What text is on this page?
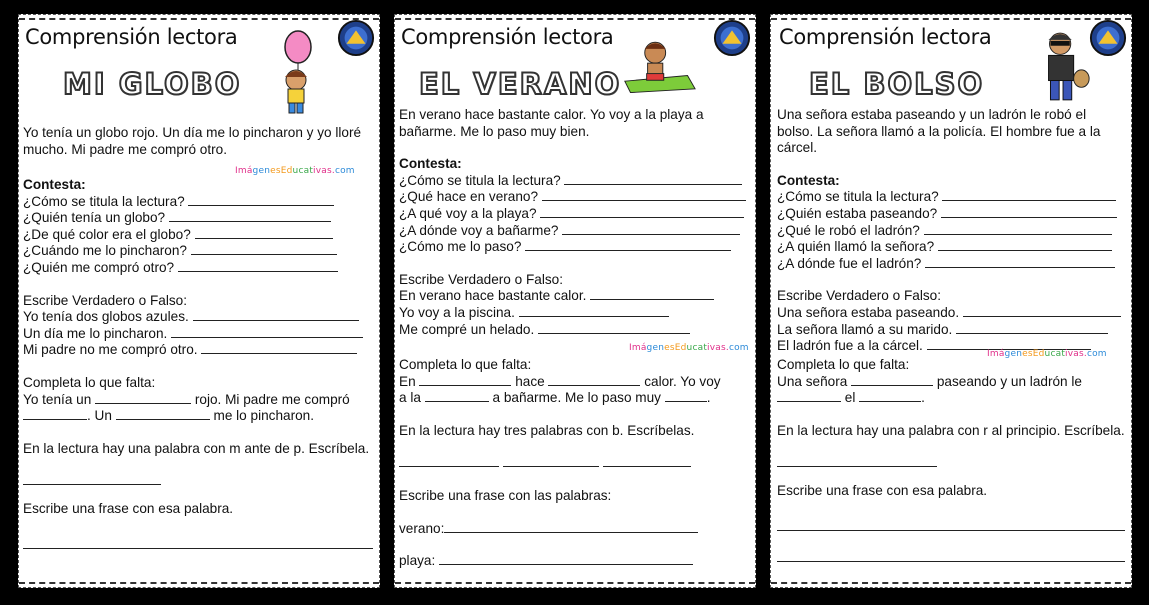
Comprensión lectora
MI GLOBO

Yo tenía un globo rojo. Un día me lo pincharon y yo lloré mucho. Mi padre me compró otro.

ImágenesEducativas.com

Contesta:

¿Cómo se titula la lectura?

¿Quién tenía un globo?

¿De qué color era el globo?

¿Cuándo me lo pincharon?

¿Quién me compró otro?

Escribe Verdadero o Falso:

Yo tenía dos globos azules.

Un día me lo pincharon.

Mi padre no me compró otro.

Completa lo que falta:

Yo tenía un	rojo. Mi padre me compró

. Un	me lo pincharon.

En la lectura hay una palabra con m ante de p. Escríbela.

Escribe una frase con esa palabra.

Comprensión lectora
EL VERANO

En verano hace bastante calor. Yo voy a la playa a bañarme. Me lo paso muy bien.

Contesta:

¿Cómo se titula la lectura?

¿Qué hace en verano?

¿A qué voy a la playa?

¿A dónde voy a bañarme?

¿Cómo me lo paso?

Escribe Verdadero o Falso:

En verano hace bastante calor.

Yo voy a la piscina.

Me compré un helado.

ImágenesEducativas.com

Completa lo que falta:

En	hace	calor. Yo voy

a la	a bañarme. Me lo paso muy	.

En la lectura hay tres palabras con b. Escríbelas.

Escribe una frase con las palabras:

verano:

playa:

Comprensión lectora
EL BOLSO

Una señora estaba paseando y un ladrón le robó el bolso. La señora llamó a la policía. El hombre fue a la cárcel.

Contesta:

¿Cómo se titula la lectura?

¿Quién estaba paseando?

¿Qué le robó el ladrón?

¿A quién llamó la señora?

¿A dónde fue el ladrón?

Escribe Verdadero o Falso:

Una señora estaba paseando.

La señora llamó a su marido.

El ladrón fue a la cárcel.

ImágenesEducativas.com

Completa lo que falta:

Una señora	paseando y un ladrón le

el	.

En la lectura hay una palabra con r al principio. Escríbela.

Escribe una frase con esa palabra.
